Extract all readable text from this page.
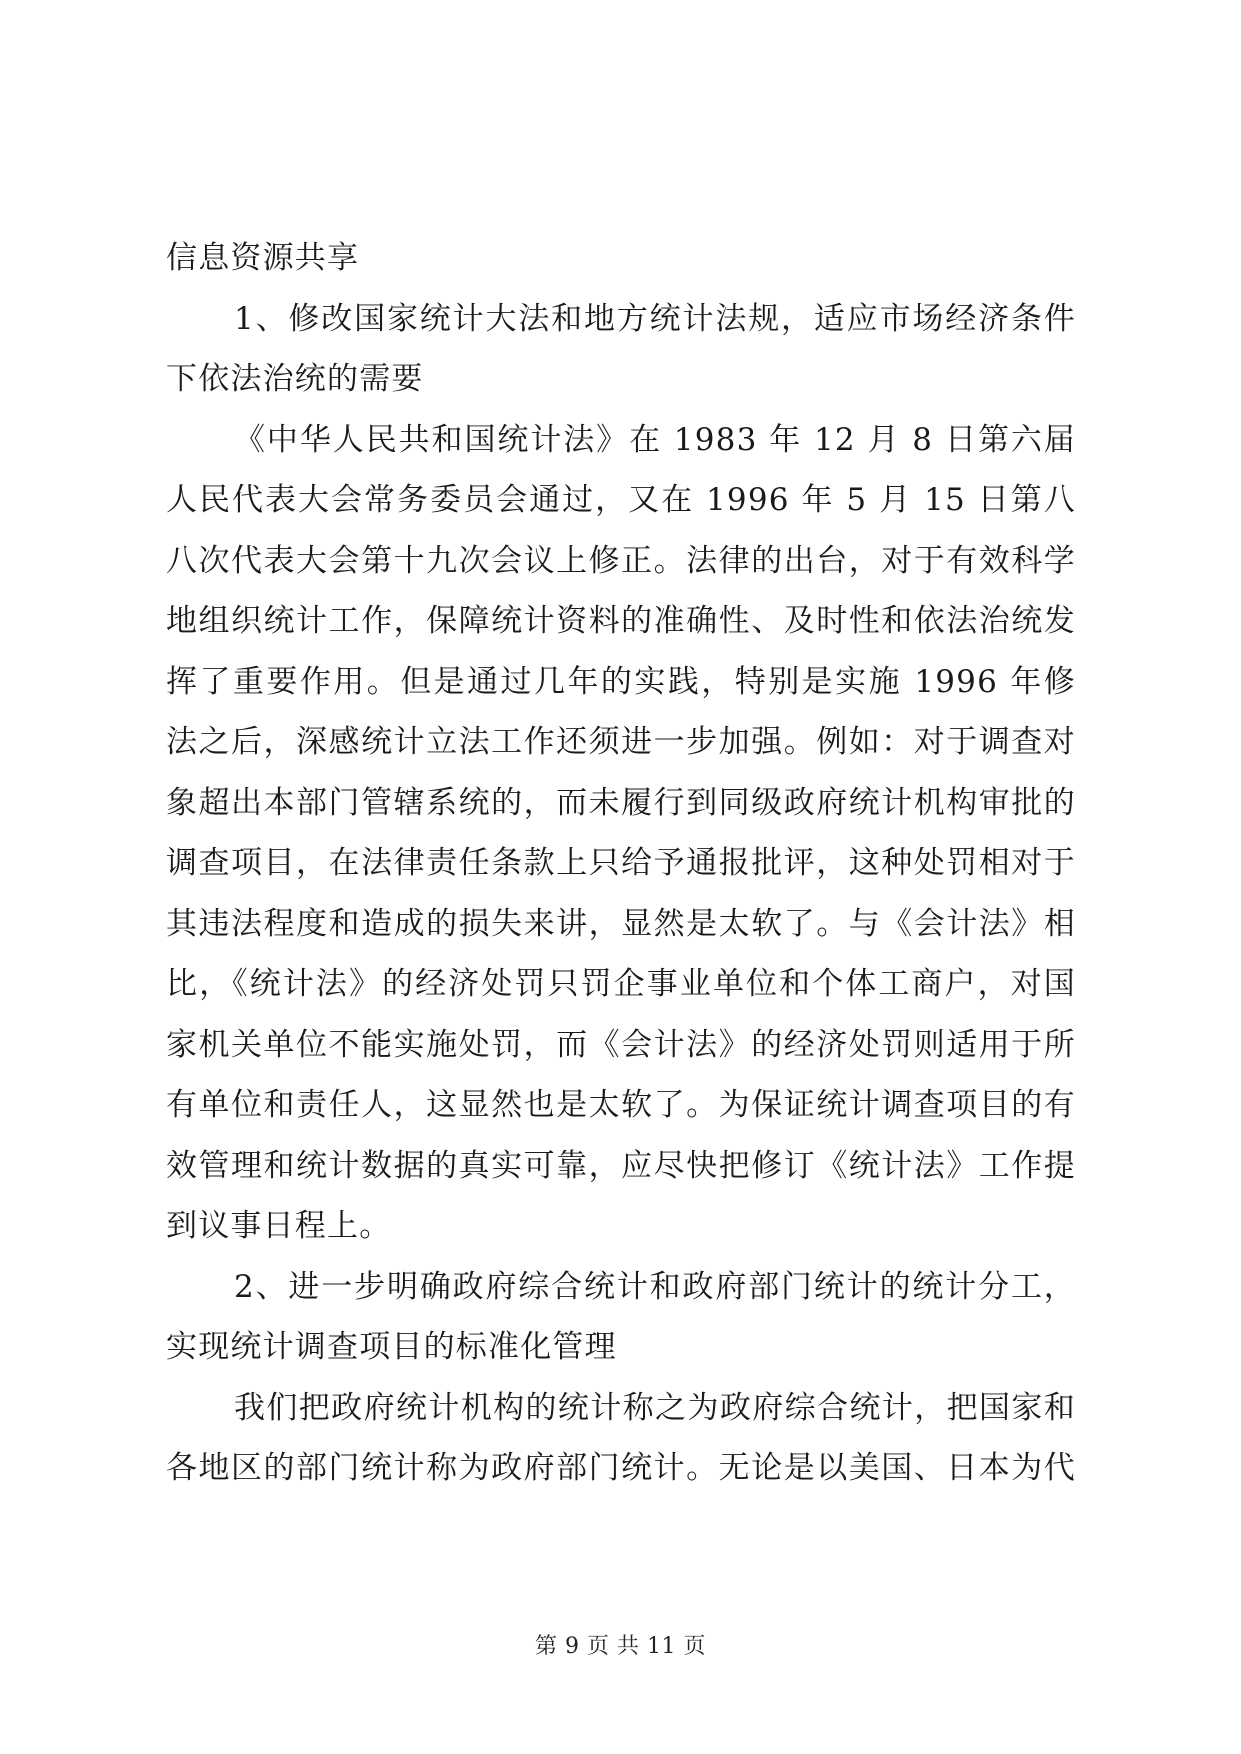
信息资源共享
1、修改国家统计大法和地方统计法规，适应市场经济条件
下依法治统的需要
《中华人民共和国统计法》在 1983 年 12 月 8 日第六届
人民代表大会常务委员会通过，又在 1996 年 5 月 15 日第八
八次代表大会第十九次会议上修正。法律的出台，对于有效科学
地组织统计工作，保障统计资料的准确性、及时性和依法治统发
挥了重要作用。但是通过几年的实践，特别是实施 1996 年修
法之后，深感统计立法工作还须进一步加强。例如：对于调查对
象超出本部门管辖系统的，而未履行到同级政府统计机构审批的
调查项目，在法律责任条款上只给予通报批评，这种处罚相对于
其违法程度和造成的损失来讲，显然是太软了。与《会计法》相
比，《统计法》的经济处罚只罚企事业单位和个体工商户，对国
家机关单位不能实施处罚，而《会计法》的经济处罚则适用于所
有单位和责任人，这显然也是太软了。为保证统计调查项目的有
效管理和统计数据的真实可靠，应尽快把修订《统计法》工作提
到议事日程上。
2、进一步明确政府综合统计和政府部门统计的统计分工，
实现统计调查项目的标准化管理
我们把政府统计机构的统计称之为政府综合统计，把国家和
各地区的部门统计称为政府部门统计。无论是以美国、日本为代
第 9 页 共 11 页
